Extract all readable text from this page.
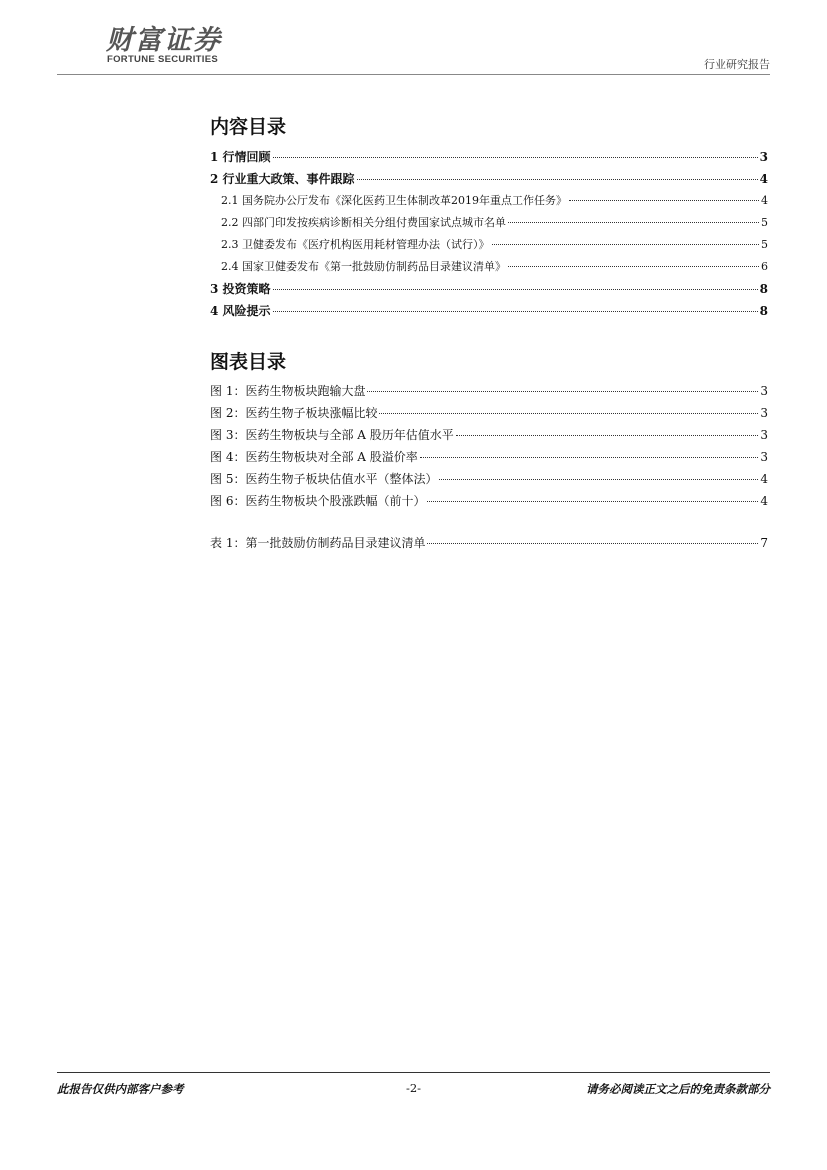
财富证券
FORTUNE SECURITIES	行业研究报告
内容目录
1 行情回顾	3
2 行业重大政策、事件跟踪	4
2.1 国务院办公厅发布《深化医药卫生体制改革2019年重点工作任务》	4
2.2 四部门印发按疾病诊断相关分组付费国家试点城市名单	5
2.3 卫健委发布《医疗机构医用耗材管理办法（试行）》	5
2.4 国家卫健委发布《第一批鼓励仿制药品目录建议清单》	6
3 投资策略	8
4 风险提示	8
图表目录
图 1：医药生物板块跑输大盘	3
图 2：医药生物子板块涨幅比较	3
图 3：医药生物板块与全部 A 股历年估值水平	3
图 4：医药生物板块对全部 A 股溢价率	3
图 5：医药生物子板块估值水平（整体法）	4
图 6：医药生物板块个股涨跌幅（前十）	4
表 1：第一批鼓励仿制药品目录建议清单	7
此报告仅供内部客户参考	-2-	请务必阅读正文之后的免责条款部分
